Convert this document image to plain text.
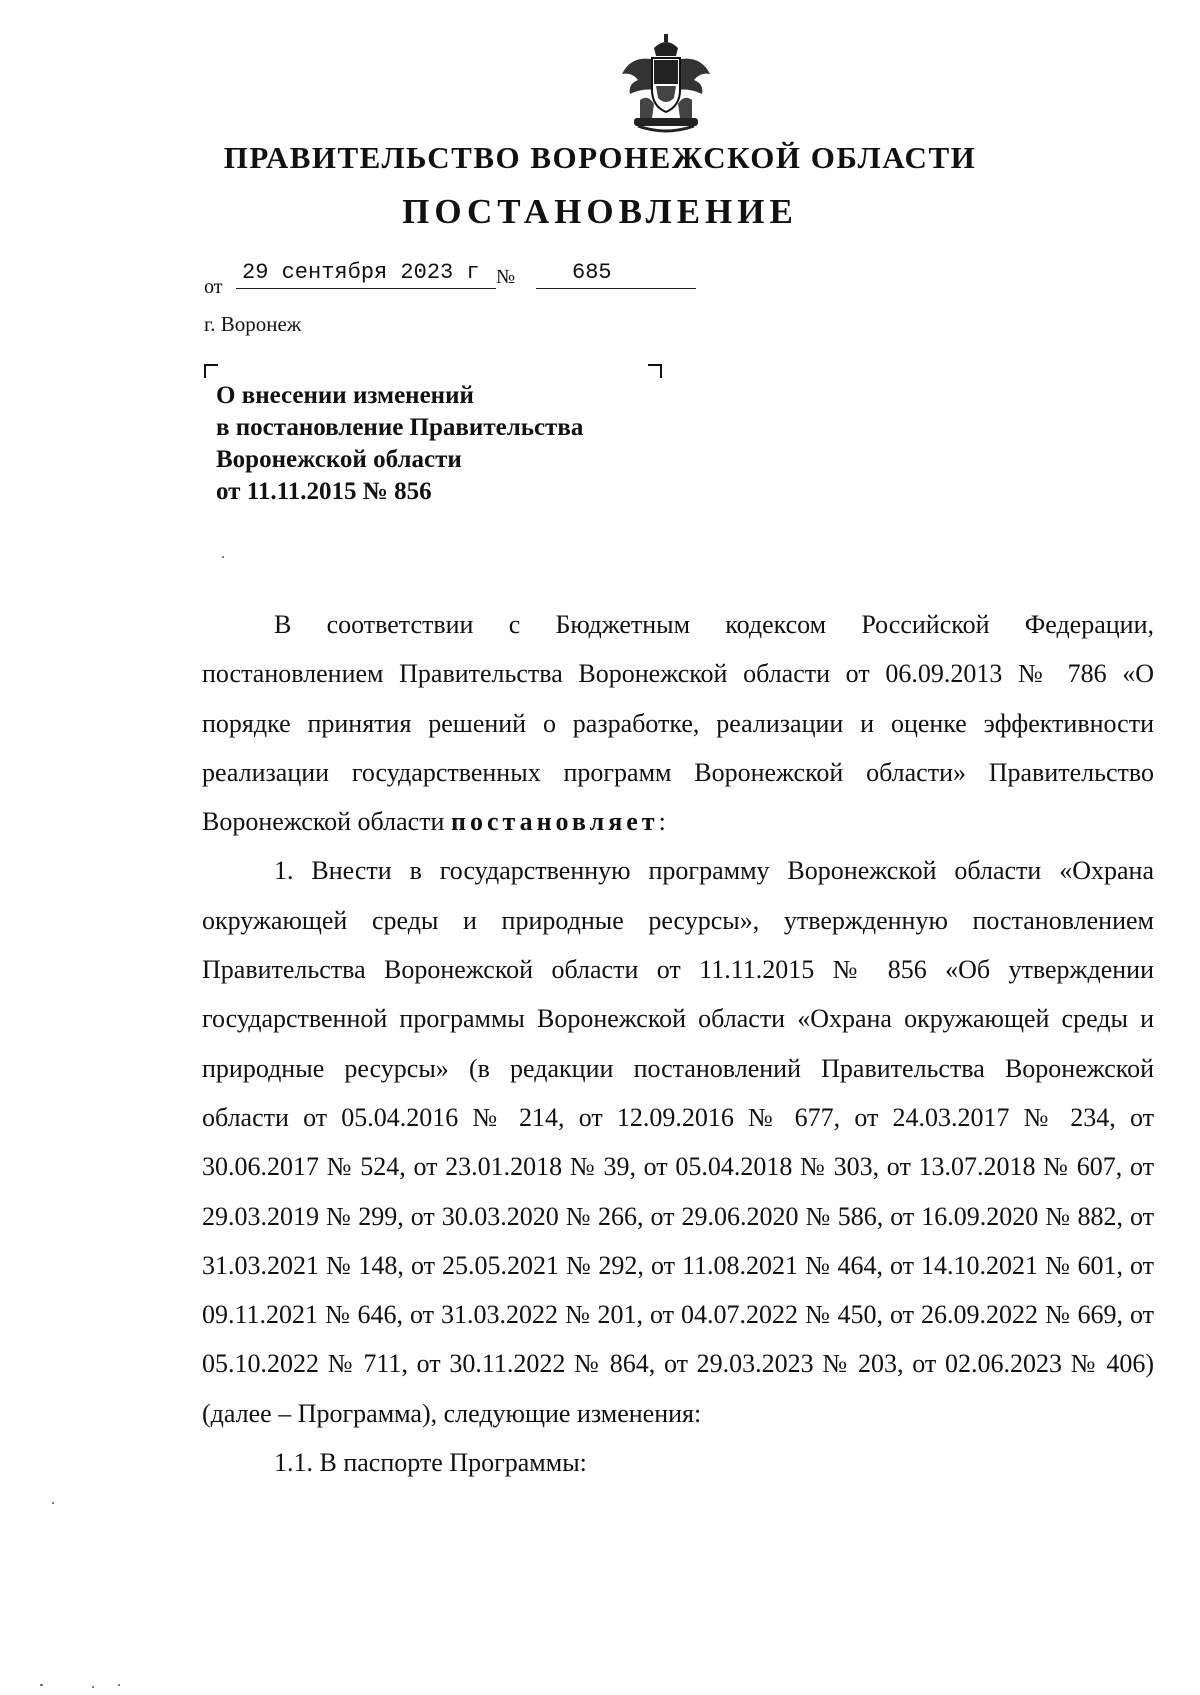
ПРАВИТЕЛЬСТВО ВОРОНЕЖСКОЙ ОБЛАСТИ
ПОСТАНОВЛЕНИЕ
от
29 сентября 2023 г №	685
г. Воронеж
О внесении изменений
в постановление Правительства
Воронежской области
от 11.11.2015 № 856

В соответствии с Бюджетным кодексом Российской Федерации, постановлением Правительства Воронежской области от 06.09.2013 № 786 «О порядке принятия решений о разработке, реализации и оценке эффективности реализации государственных программ Воронежской области» Правительство Воронежской области постановляет:

1. Внести в государственную программу Воронежской области «Охрана окружающей среды и природные ресурсы», утвержденную постановлением Правительства Воронежской области от 11.11.2015 № 856 «Об утверждении государственной программы Воронежской области «Охрана окружающей среды и природные ресурсы» (в редакции постановлений Правительства Воронежской области от 05.04.2016 № 214, от 12.09.2016 № 677, от 24.03.2017 № 234, от 30.06.2017 № 524, от 23.01.2018 № 39, от 05.04.2018 № 303, от 13.07.2018 № 607, от 29.03.2019 № 299, от 30.03.2020 № 266, от 29.06.2020 № 586, от 16.09.2020 № 882, от 31.03.2021 № 148, от 25.05.2021 № 292, от 11.08.2021 № 464, от 14.10.2021 № 601, от 09.11.2021 № 646, от 31.03.2022 № 201, от 04.07.2022 № 450, от 26.09.2022 № 669, от 05.10.2022 № 711, от 30.11.2022 № 864, от 29.03.2023 № 203, от 02.06.2023 № 406) (далее – Программа), следующие изменения:

1.1. В паспорте Программы:
